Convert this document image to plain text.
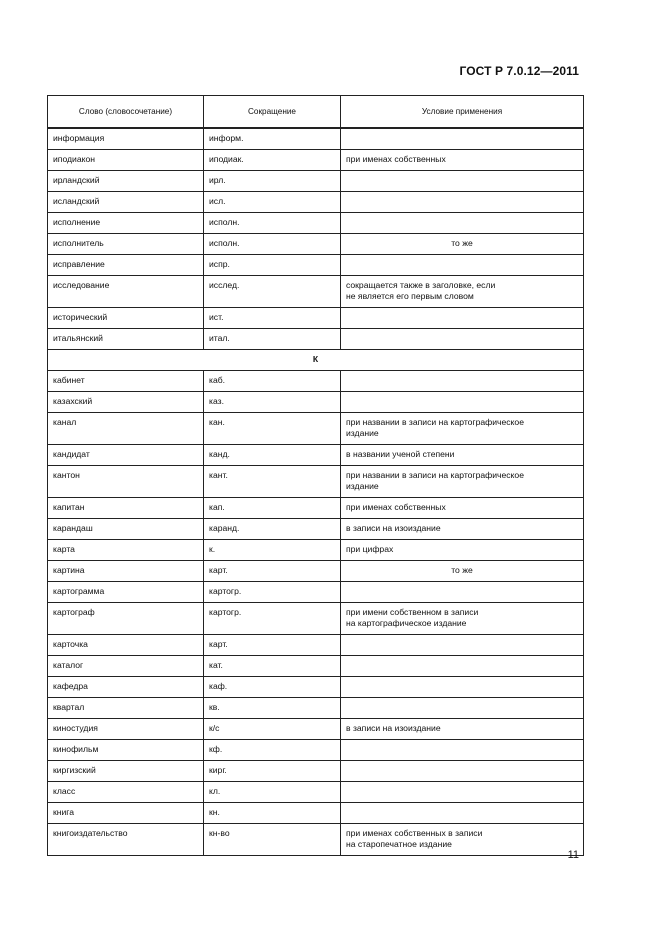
ГОСТ Р 7.0.12—2011
Слово (словосочетание)	Сокращение	Условие применения
информация	информ.	

иподиакон	иподиак.	при именах собственных

ирландский	ирл.	

исландский	исл.	

исполнение	исполн.	

исполнитель	исполн.	то же

исправление	испр.	

исследование	исслед.	сокращается также в заголовке, если
не является его первым словом

исторический	ист.	

итальянский	итал.	

К		
кабинет	каб.	

казахский	каз.	

канал	кан.	при названии в записи на картографическое
издание

кандидат	канд.	в названии ученой степени

кантон	кант.	при названии в записи на картографическое
издание

капитан	кап.	при именах собственных

карандаш	каранд.	в записи на изоиздание

карта	к.	при цифрах

картина	карт.	то же

картограмма	картогр.	

картограф	картогр.	при имени собственном в записи
на картографическое издание

карточка	карт.	

каталог	кат.	

кафедра	каф.	

квартал	кв.	

киностудия	к/с	в записи на изоиздание

кинофильм	кф.	

киргизский	кирг.	

класс	кл.	

книга	кн.	

книгоиздательство	кн-во	при именах собственных в записи
на старопечатное издание
11
